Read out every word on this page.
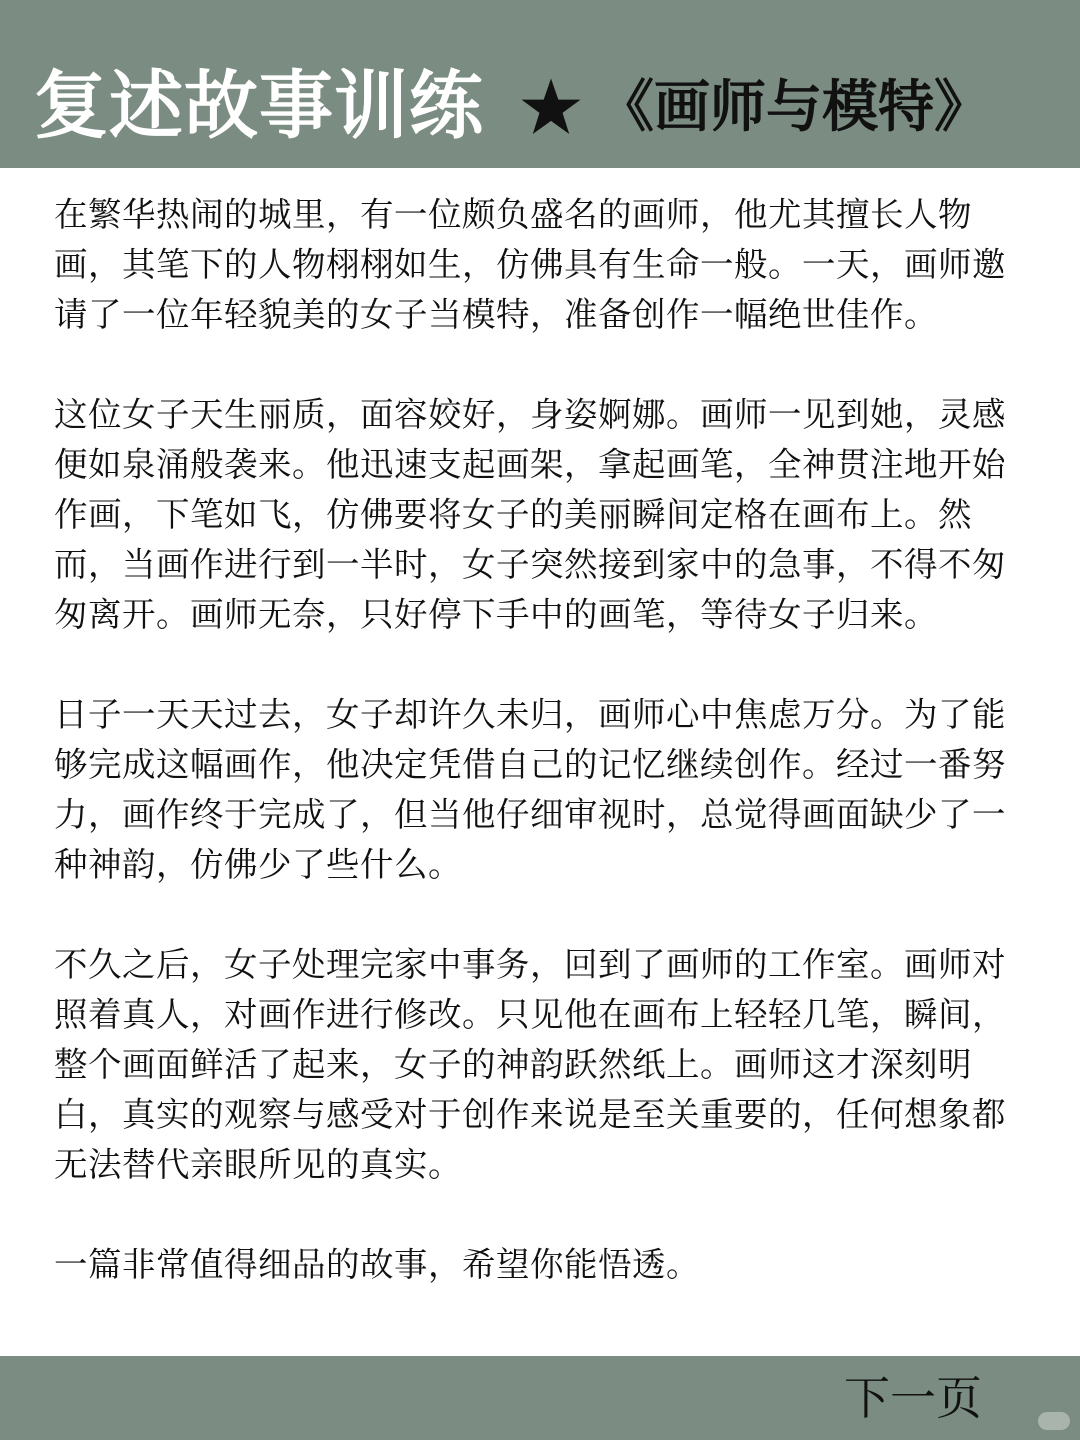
复述故事训练 《画师与模特》

在繁华热闹的城里，有一位颇负盛名的画师，他尤其擅长人物画，其笔下的人物栩栩如生，仿佛具有生命一般。一天，画师邀请了一位年轻貌美的女子当模特，准备创作一幅绝世佳作。

这位女子天生丽质，面容姣好，身姿婀娜。画师一见到她，灵感便如泉涌般袭来。他迅速支起画架，拿起画笔，全神贯注地开始作画，下笔如飞，仿佛要将女子的美丽瞬间定格在画布上。然而，当画作进行到一半时，女子突然接到家中的急事，不得不匆匆离开。画师无奈，只好停下手中的画笔，等待女子归来。

日子一天天过去，女子却许久未归，画师心中焦虑万分。为了能够完成这幅画作，他决定凭借自己的记忆继续创作。经过一番努力，画作终于完成了，但当他仔细审视时，总觉得画面缺少了一种神韵，仿佛少了些什么。

不久之后，女子处理完家中事务，回到了画师的工作室。画师对照着真人，对画作进行修改。只见他在画布上轻轻几笔，瞬间，整个画面鲜活了起来，女子的神韵跃然纸上。画师这才深刻明白，真实的观察与感受对于创作来说是至关重要的，任何想象都无法替代亲眼所见的真实。

一篇非常值得细品的故事，希望你能悟透。

下一页
